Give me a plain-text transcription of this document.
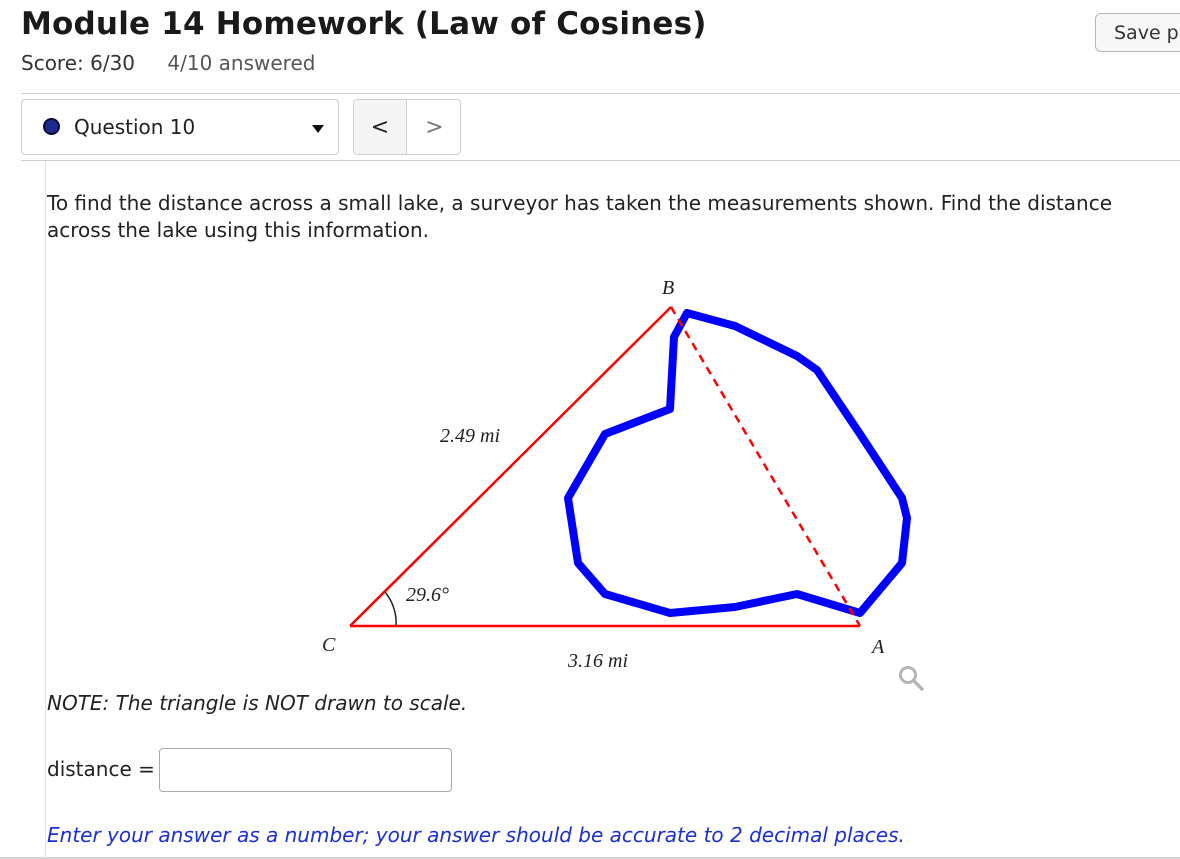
Module 14 Homework (Law of Cosines)
Score: 6/30 4/10 answered
Save p
Question 10	<	>

To find the distance across a small lake, a surveyor has taken the measurements shown. Find the distance across the lake using this information.

B
C	A
2.49 mi
3.16 mi
29.6°

NOTE: The triangle is NOT drawn to scale.

distance =

Enter your answer as a number; your answer should be accurate to 2 decimal places.
